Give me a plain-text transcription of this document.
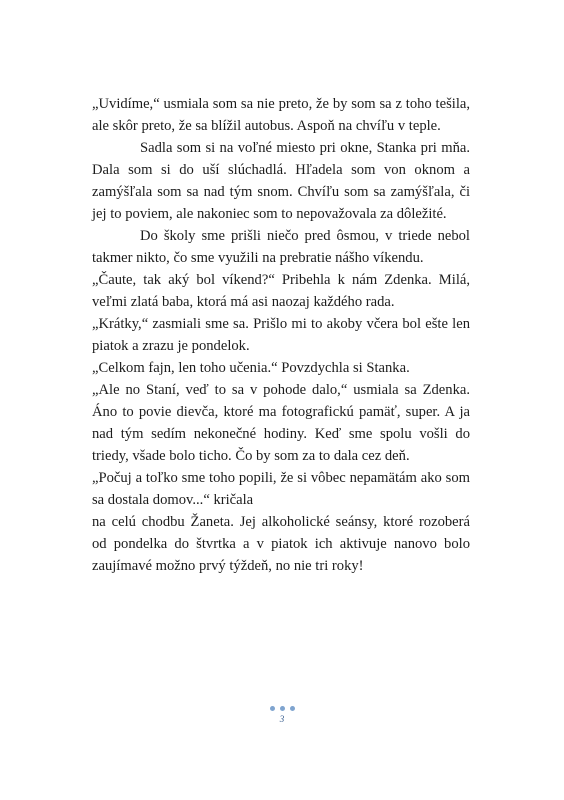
„Uvidíme,“ usmiala som sa nie preto, že by som sa z toho tešila, ale skôr preto, že sa blížil autobus. Aspoň na chvíľu v teple.

Sadla som si na voľné miesto pri okne, Stanka pri mňa. Dala som si do uší slúchadlá. Hľadela som von oknom a zamýšľala som sa nad tým snom. Chvíľu som sa zamýšľala, či jej to poviem, ale nakoniec som to nepovažovala za dôležité.

Do školy sme prišli niečo pred ôsmou, v triede nebol takmer nikto, čo sme využili na prebratie nášho víkendu.

„Čaute, tak aký bol víkend?“ Pribehla k nám Zdenka. Milá, veľmi zlatá baba, ktorá má asi naozaj každého rada.

„Krátky,“ zasmiali sme sa. Prišlo mi to akoby včera bol ešte len piatok a zrazu je pondelok.

„Celkom fajn, len toho učenia.“ Povzdychla si Stanka.

„Ale no Staní, veď to sa v pohode dalo,“ usmiala sa Zdenka. Áno to povie dievča, ktoré ma fotografickú pamäť, super. A ja nad tým sedím nekonečné hodiny. Keď sme spolu vošli do triedy, všade bolo ticho. Čo by som za to dala cez deň.

„Počuj a toľko sme toho popili, že si vôbec nepamätám ako som sa dostala domov...“ kričala

na celú chodbu Žaneta. Jej alkoholické seánsy, ktoré rozoberá od pondelka do štvrtka a v piatok ich aktivuje nanovo bolo zaujímavé možno prvý týždeň, no nie tri roky!

3
